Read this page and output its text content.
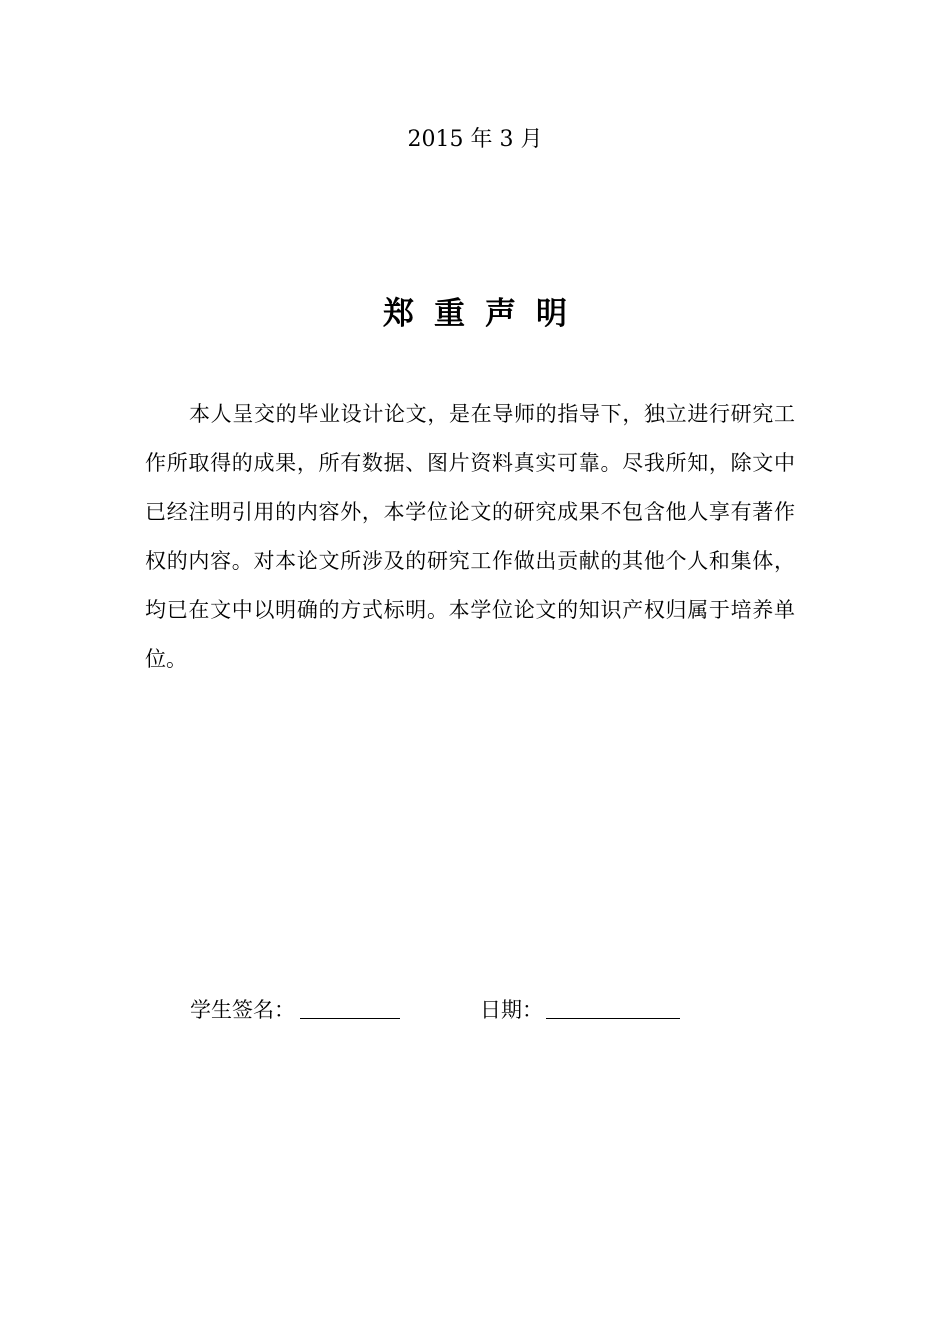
2015 年 3 月
郑重声明
本人呈交的毕业设计论文，是在导师的指导下，独立进行研究工作所取得的成果，所有数据、图片资料真实可靠。尽我所知，除文中已经注明引用的内容外，本学位论文的研究成果不包含他人享有著作权的内容。对本论文所涉及的研究工作做出贡献的其他个人和集体，均已在文中以明确的方式标明。本学位论文的知识产权归属于培养单位。
学生签名：	日期：
